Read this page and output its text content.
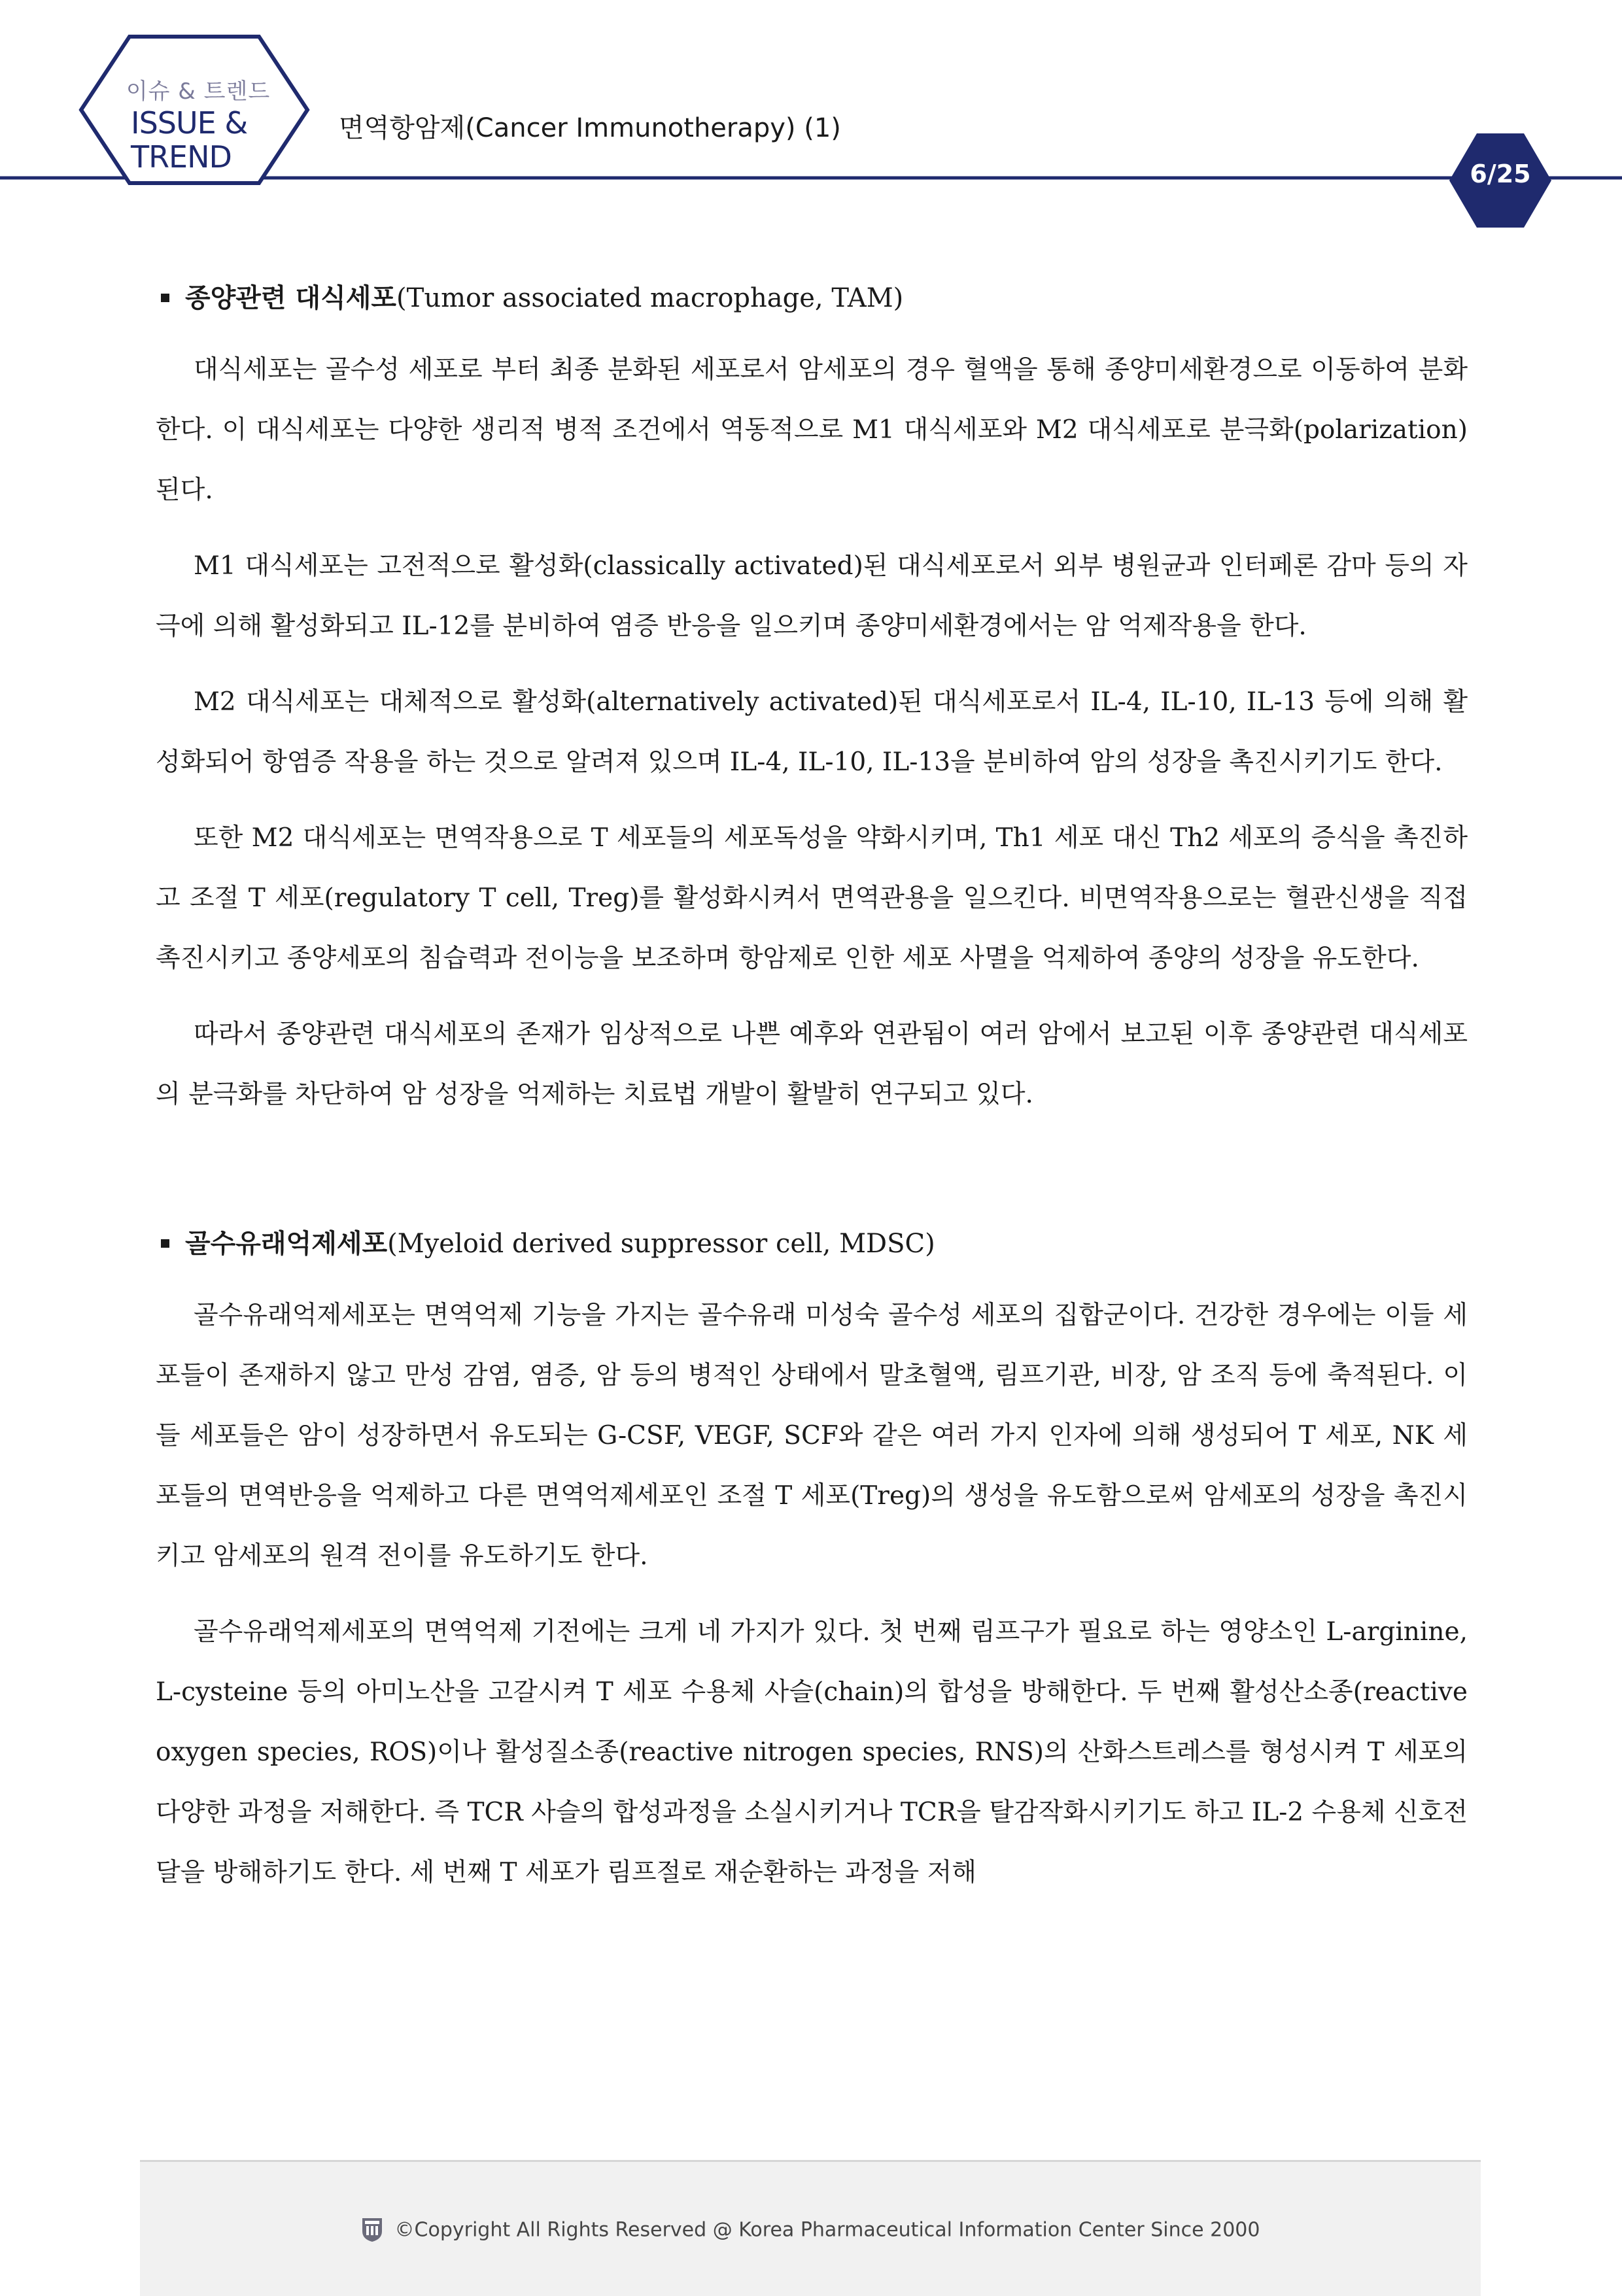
이슈 & 트렌드
ISSUE &
TREND
면역항암제(Cancer Immunotherapy) (1)
6/25
종양관련 대식세포(Tumor associated macrophage, TAM)

대식세포는 골수성 세포로 부터 최종 분화된 세포로서 암세포의 경우 혈액을 통해 종양미세환경으로 이동하여 분화한다. 이 대식세포는 다양한 생리적 병적 조건에서 역동적으로 M1 대식세포와 M2 대식세포로 분극화(polarization)된다.

M1 대식세포는 고전적으로 활성화(classically activated)된 대식세포로서 외부 병원균과 인터페론 감마 등의 자극에 의해 활성화되고 IL-12를 분비하여 염증 반응을 일으키며 종양미세환경에서는 암 억제작용을 한다.

M2 대식세포는 대체적으로 활성화(alternatively activated)된 대식세포로서 IL-4, IL-10, IL-13 등에 의해 활성화되어 항염증 작용을 하는 것으로 알려져 있으며 IL-4, IL-10, IL-13을 분비하여 암의 성장을 촉진시키기도 한다.

또한 M2 대식세포는 면역작용으로 T 세포들의 세포독성을 약화시키며, Th1 세포 대신 Th2 세포의 증식을 촉진하고 조절 T 세포(regulatory T cell, Treg)를 활성화시켜서 면역관용을 일으킨다. 비면역작용으로는 혈관신생을 직접 촉진시키고 종양세포의 침습력과 전이능을 보조하며 항암제로 인한 세포 사멸을 억제하여 종양의 성장을 유도한다.

따라서 종양관련 대식세포의 존재가 임상적으로 나쁜 예후와 연관됨이 여러 암에서 보고된 이후 종양관련 대식세포의 분극화를 차단하여 암 성장을 억제하는 치료법 개발이 활발히 연구되고 있다.

골수유래억제세포(Myeloid derived suppressor cell, MDSC)

골수유래억제세포는 면역억제 기능을 가지는 골수유래 미성숙 골수성 세포의 집합군이다. 건강한 경우에는 이들 세포들이 존재하지 않고 만성 감염, 염증, 암 등의 병적인 상태에서 말초혈액, 림프기관, 비장, 암 조직 등에 축적된다. 이들 세포들은 암이 성장하면서 유도되는 G-CSF, VEGF, SCF와 같은 여러 가지 인자에 의해 생성되어 T 세포, NK 세포들의 면역반응을 억제하고 다른 면역억제세포인 조절 T 세포(Treg)의 생성을 유도함으로써 암세포의 성장을 촉진시키고 암세포의 원격 전이를 유도하기도 한다.

골수유래억제세포의 면역억제 기전에는 크게 네 가지가 있다. 첫 번째 림프구가 필요로 하는 영양소인 L-arginine, L-cysteine 등의 아미노산을 고갈시켜 T 세포 수용체 사슬(chain)의 합성을 방해한다. 두 번째 활성산소종(reactive oxygen species, ROS)이나 활성질소종(reactive nitrogen species, RNS)의 산화스트레스를 형성시켜 T 세포의 다양한 과정을 저해한다. 즉 TCR 사슬의 합성과정을 소실시키거나 TCR을 탈감작화시키기도 하고 IL-2 수용체 신호전달을 방해하기도 한다. 세 번째 T 세포가 림프절로 재순환하는 과정을 저해

©Copyright All Rights Reserved @ Korea Pharmaceutical Information Center Since 2000
